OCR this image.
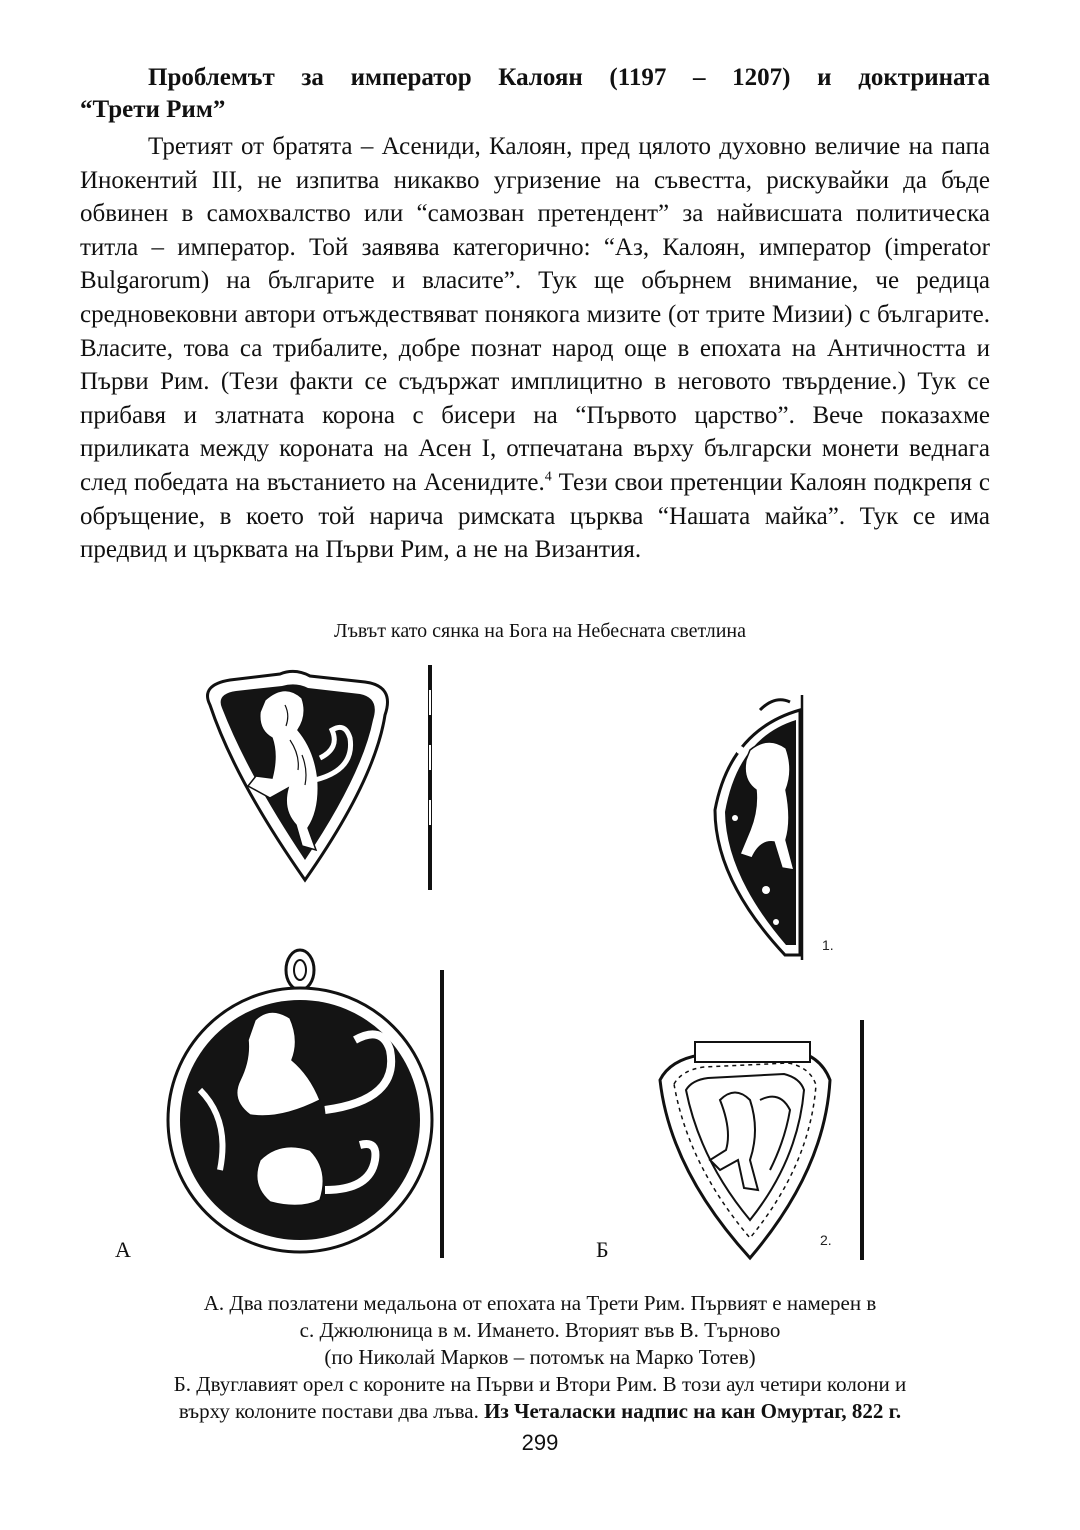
Проблемът за император Калоян (1197 – 1207) и доктрината
“Трети Рим”
Третият от братята – Асениди, Калоян, пред цялото духовно величие на папа Инокентий III, не изпитва никакво угризение на съвестта, рискувайки да бъде обвинен в самохвалство или “самозван претендент” за найвисшата политическа титла – император. Той заявява категорично: “Аз, Калоян, император (imperator Bulgarorum) на българите и власите”. Тук ще обърнем внимание, че редица средновековни автори отъждествяват понякога мизите (от трите Мизии) с българите. Власите, това са трибалите, добре познат народ още в епохата на Античността и Първи Рим. (Тези факти се съдържат имплицитно в неговото твърдение.) Тук се прибавя и златната корона с бисери на “Първото царство”. Вече показахме приликата между короната на Асен I, отпечатана върху български монети веднага след победата на въстанието на Асенидите.$^4$ Тези свои претенции Калоян подкрепя с обръщение, в което той нарича римската църква “Нашата майка”. Тук се има предвид и църквата на Първи Рим, а не на Византия.
Лъвът като сянка на Бога на Небесната светлина
1.
2.
А	Б
А. Два позлатени медальона от епохата на Трети Рим. Първият е намерен в
с. Джюлюница в м. Имането. Вторият във В. Търново
(по Николай Марков – потомък на Марко Тотев)
Б. Двуглавият орел с короните на Първи и Втори Рим. В този аул четири колони и
върху колоните постави два лъва. Из Четаласки надпис на кан Омуртаг, 822 г.
299
